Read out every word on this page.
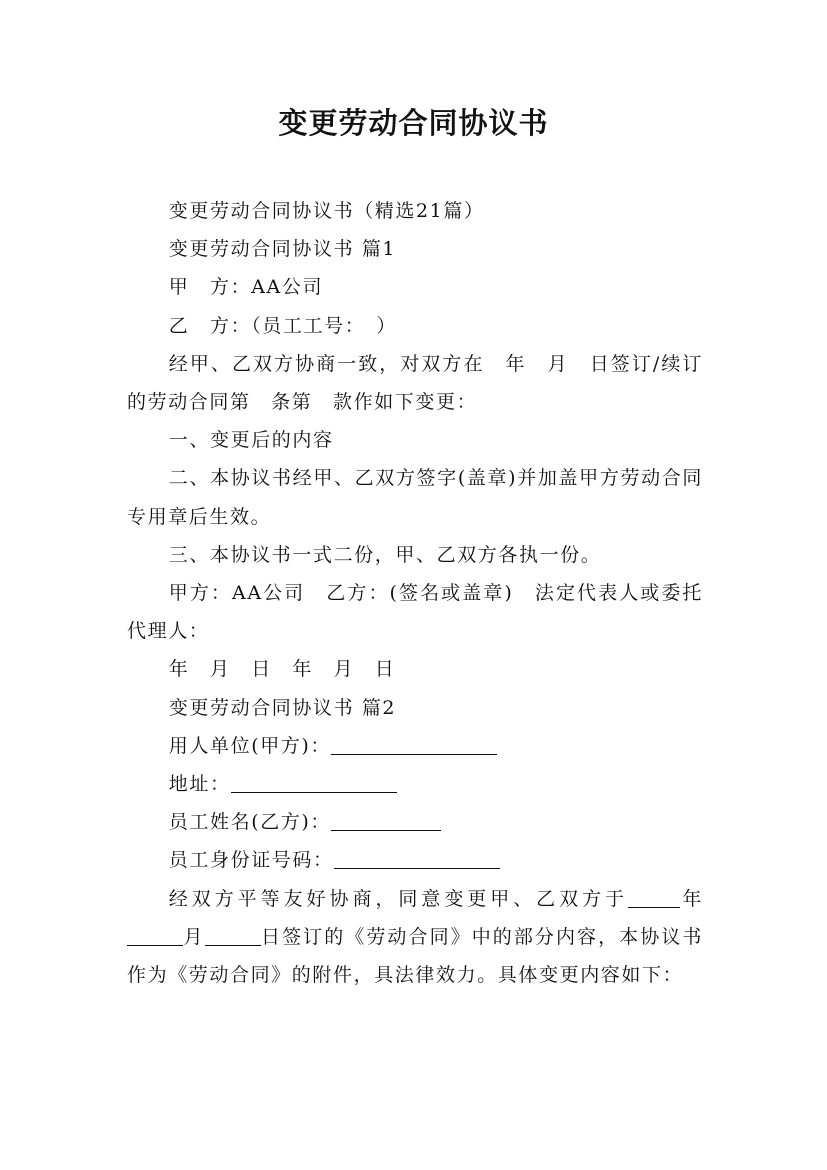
变更劳动合同协议书

变更劳动合同协议书（精选21篇）

变更劳动合同协议书 篇1

甲　方：AA公司

乙　方：（员工工号：　）

经甲、乙双方协商一致，对双方在　年　月　日签订/续订的劳动合同第　条第　款作如下变更：

一、变更后的内容

二、本协议书经甲、乙双方签字(盖章)并加盖甲方劳动合同专用章后生效。

三、本协议书一式二份，甲、乙双方各执一份。

甲方：AA公司　乙方：(签名或盖章)　法定代表人或委托代理人：

年　月　日　年　月　日

变更劳动合同协议书 篇2

用人单位(甲方)：

地址：

员工姓名(乙方)：

员工身份证号码：

经双方平等友好协商，同意变更甲、乙双方于	年月	日签订的《劳动合同》中的部分内容，本协议书作为《劳动合同》的附件，具法律效力。具体变更内容如下：
